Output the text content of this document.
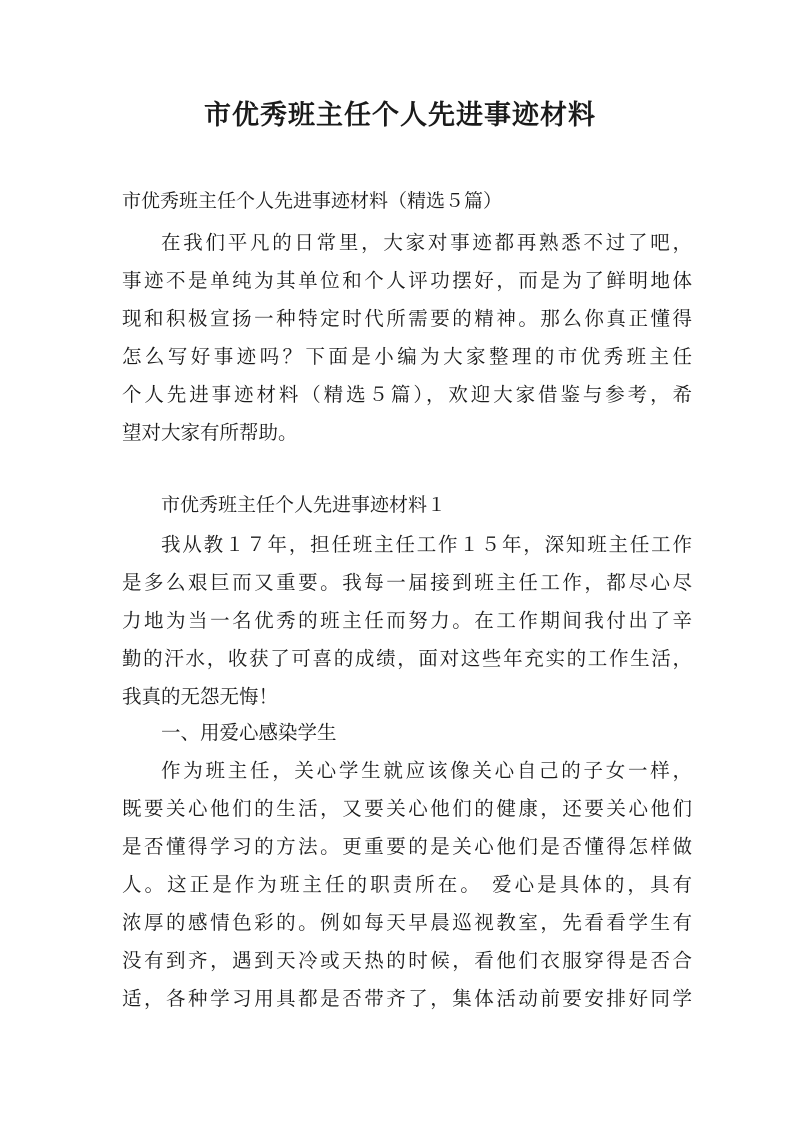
市优秀班主任个人先进事迹材料
市优秀班主任个人先进事迹材料（精选５篇）
在我们平凡的日常里，大家对事迹都再熟悉不过了吧，
事迹不是单纯为其单位和个人评功摆好，而是为了鲜明地体
现和积极宣扬一种特定时代所需要的精神。那么你真正懂得
怎么写好事迹吗？下面是小编为大家整理的市优秀班主任
个人先进事迹材料（精选５篇），欢迎大家借鉴与参考，希
望对大家有所帮助。
市优秀班主任个人先进事迹材料１
我从教１７年，担任班主任工作１５年，深知班主任工作
是多么艰巨而又重要。我每一届接到班主任工作，都尽心尽
力地为当一名优秀的班主任而努力。在工作期间我付出了辛
勤的汗水，收获了可喜的成绩，面对这些年充实的工作生活，
我真的无怨无悔！
一、用爱心感染学生
作为班主任，关心学生就应该像关心自己的子女一样，
既要关心他们的生活，又要关心他们的健康，还要关心他们
是否懂得学习的方法。更重要的是关心他们是否懂得怎样做
人。这正是作为班主任的职责所在。 爱心是具体的，具有
浓厚的感情色彩的。例如每天早晨巡视教室，先看看学生有
没有到齐，遇到天冷或天热的时候，看他们衣服穿得是否合
适，各种学习用具都是否带齐了，集体活动前要安排好同学
